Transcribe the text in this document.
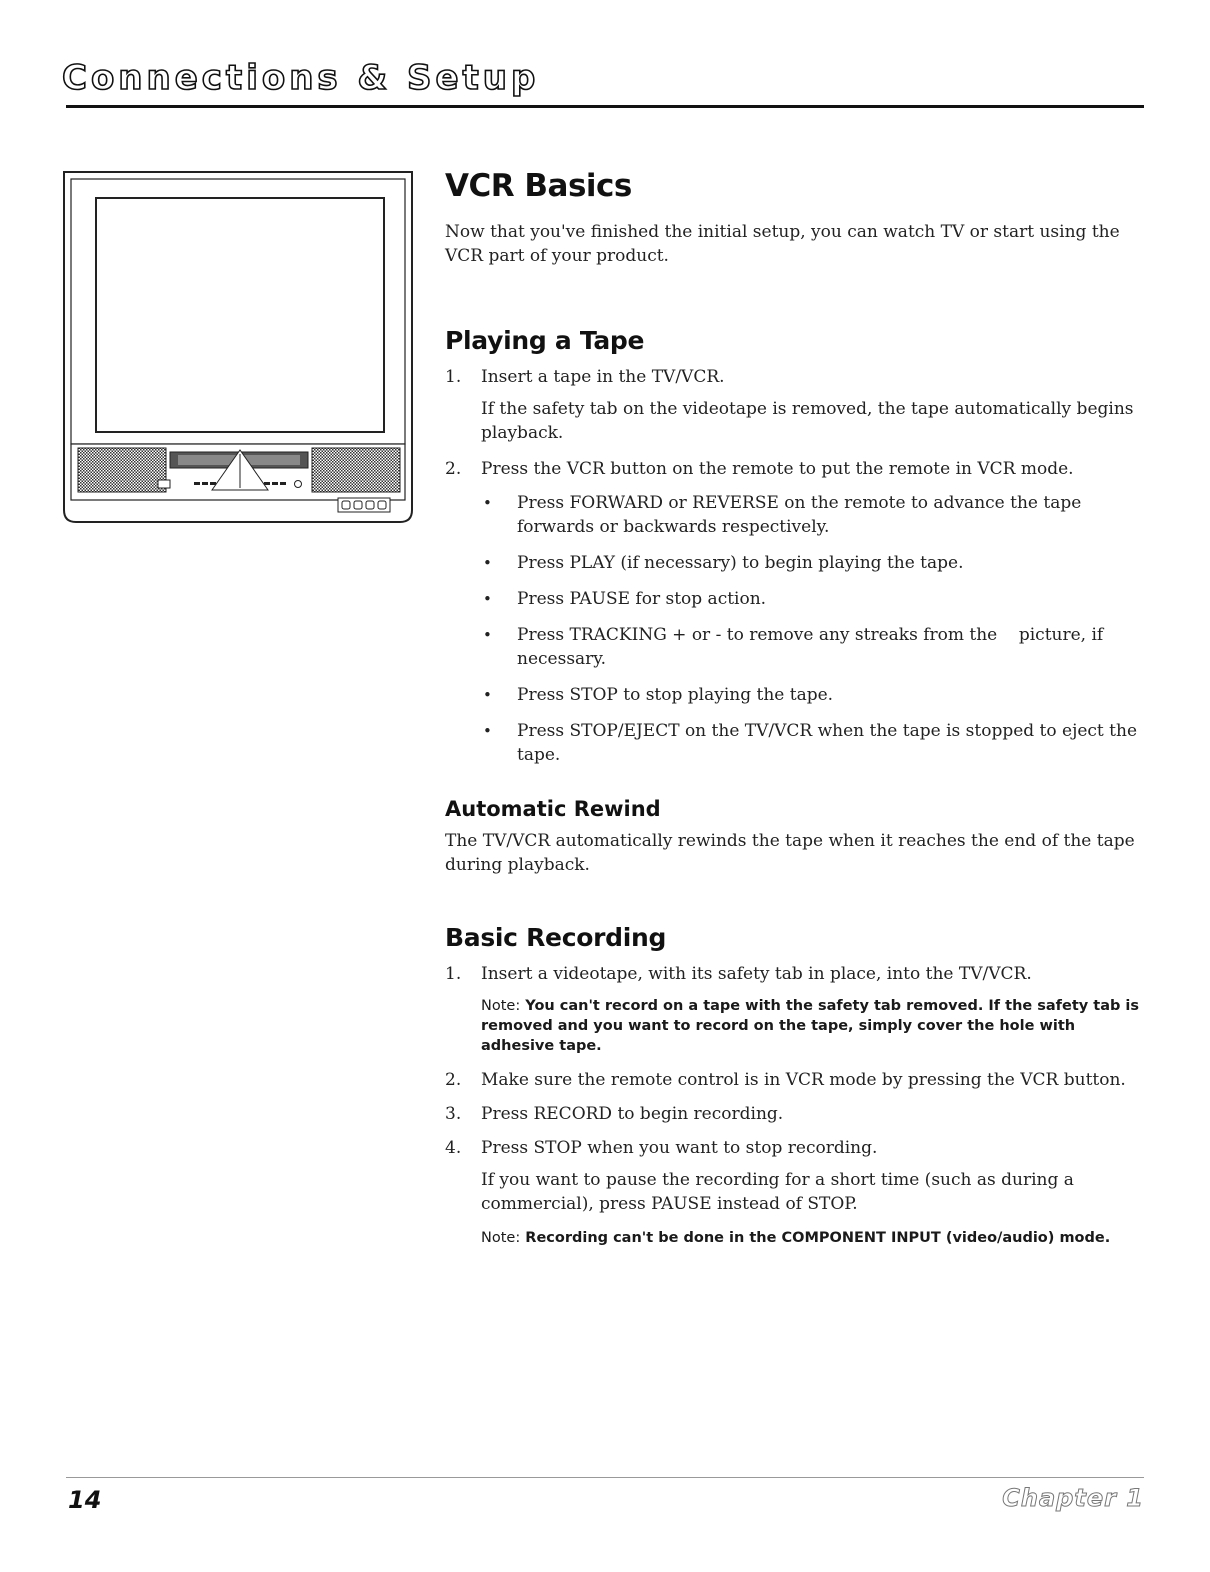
Connections & Setup
VCR Basics

Now that you've finished the initial setup, you can watch TV or start using the VCR part of your product.

Playing a Tape
1. Insert a tape in the TV/VCR.
If the safety tab on the videotape is removed, the tape automatically begins playback.
2. Press the VCR button on the remote to put the remote in VCR mode.
• Press FORWARD or REVERSE on the remote to advance the tape forwards or backwards respectively.
• Press PLAY (if necessary) to begin playing the tape.
• Press PAUSE for stop action.
• Press TRACKING + or - to remove any streaks from the    picture, if necessary.
• Press STOP to stop playing the tape.
• Press STOP/EJECT on the TV/VCR when the tape is stopped to eject the tape.
Automatic Rewind

The TV/VCR automatically rewinds the tape when it reaches the end of the tape during playback.

Basic Recording
1. Insert a videotape, with its safety tab in place, into the TV/VCR.
Note: You can't record on a tape with the safety tab removed. If the safety tab is removed and you want to record on the tape, simply cover the hole with adhesive tape.
2. Make sure the remote control is in VCR mode by pressing the VCR button.
3. Press RECORD to begin recording.
4. Press STOP when you want to stop recording.
If you want to pause the recording for a short time (such as during a commercial), press PAUSE instead of STOP.
Note: Recording can't be done in the COMPONENT INPUT (video/audio) mode.
14	Chapter 1
